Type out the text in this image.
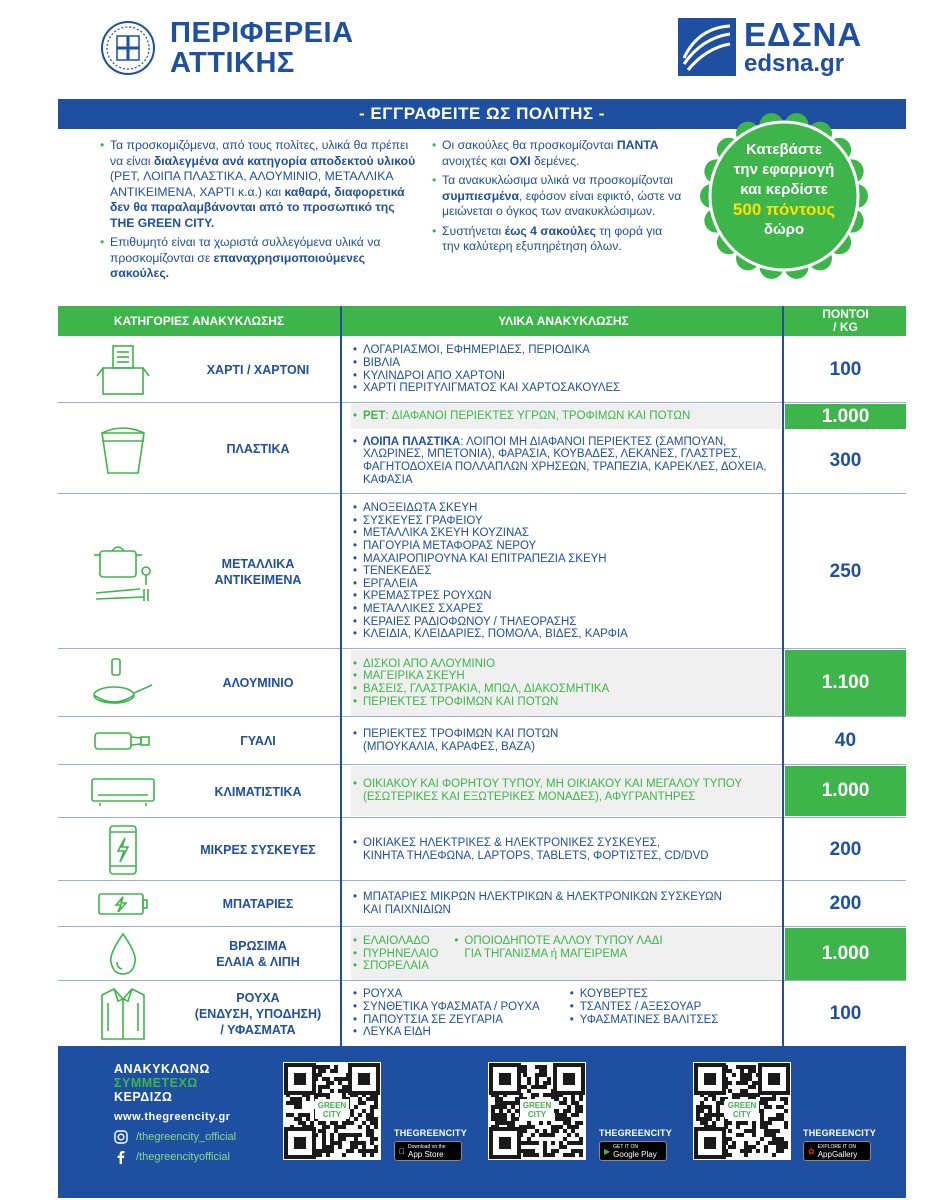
ΠΕΡΙΦΕΡΕΙΑ
ΑΤΤΙΚΗΣ
ΕΔΣΝΑ
edsna.gr
- ΕΓΓΡΑΦΕΙΤΕ ΩΣ ΠΟΛΙΤΗΣ -

• Τα προσκομιζόμενα, από τους πολίτες, υλικά θα πρέπει να είναι διαλεγμένα ανά κατηγορία αποδεκτού υλικού (PET, ΛΟΙΠΑ ΠΛΑΣΤΙΚΑ, ΑΛΟΥΜΙΝΙΟ, ΜΕΤΑΛΛΙΚΑ ΑΝΤΙΚΕΙΜΕΝΑ, ΧΑΡΤΙ κ.α.) και καθαρά, διαφορετικά δεν θα παραλαμβάνονται από το προσωπικό της THE GREEN CITY.

• Επιθυμητό είναι τα χωριστά συλλεγόμενα υλικά να προσκομίζονται σε επαναχρησιμοποιούμενες σακούλες.

• Οι σακούλες θα προσκομίζονται ΠΑΝΤΑ ανοιχτές και ΟΧΙ δεμένες.

• Τα ανακυκλώσιμα υλικά να προσκομίζονται συμπιεσμένα, εφόσον είναι εφικτό, ώστε να μειώνεται ο όγκος των ανακυκλώσιμων.

• Συστήνεται έως 4 σακούλες τη φορά για την καλύτερη εξυπηρέτηση όλων.

Κατεβάστε
την εφαρμογή
και κερδίστε
500 πόντους
δώρο
ΚΑΤΗΓΟΡΙΕΣ ΑΝΑΚΥΚΛΩΣΗΣ	ΥΛΙΚΑ ΑΝΑΚΥΚΛΩΣΗΣ	ΠΟΝΤΟΙ
/ KG
ΧΑΡΤΙ / ΧΑΡΤΟΝΙ
• ΛΟΓΑΡΙΑΣΜΟΙ, ΕΦΗΜΕΡΙΔΕΣ, ΠΕΡΙΟΔΙΚΑ
• ΒΙΒΛΙΑ
• ΚΥΛΙΝΔΡΟΙ ΑΠΟ ΧΑΡΤΟΝΙ
• ΧΑΡΤΙ ΠΕΡΙΤΥΛΙΓΜΑΤΟΣ ΚΑΙ ΧΑΡΤΟΣΑΚΟΥΛΕΣ
100
ΠΛΑΣΤΙΚΑ
• PET: ΔΙΑΦΑΝΟΙ ΠΕΡΙΕΚΤΕΣ ΥΓΡΩΝ, ΤΡΟΦΙΜΩΝ ΚΑΙ ΠΟΤΩΝ	1.000
• ΛΟΙΠΑ ΠΛΑΣΤΙΚΑ: ΛΟΙΠΟΙ ΜΗ ΔΙΑΦΑΝΟΙ ΠΕΡΙΕΚΤΕΣ (ΣΑΜΠΟΥΑΝ, ΧΛΩΡΙΝΕΣ, ΜΠΕΤΟΝΙΑ), ΦΑΡΑΣΙΑ, ΚΟΥΒΑΔΕΣ, ΛΕΚΑΝΕΣ, ΓΛΑΣΤΡΕΣ, ΦΑΓΗΤΟΔΟΧΕΙΑ ΠΟΛΛΑΠΛΩΝ ΧΡΗΣΕΩΝ, ΤΡΑΠΕΖΙΑ, ΚΑΡΕΚΛΕΣ, ΔΟΧΕΙΑ, ΚΑΦΑΣΙΑ
300
ΜΕΤΑΛΛΙΚΑ
ΑΝΤΙΚΕΙΜΕΝΑ
• ΑΝΟΞΕΙΔΩΤΑ ΣΚΕΥΗ
• ΣΥΣΚΕΥΕΣ ΓΡΑΦΕΙΟΥ
• ΜΕΤΑΛΛΙΚΑ ΣΚΕΥΗ ΚΟΥΖΙΝΑΣ
• ΠΑΓΟΥΡΙΑ ΜΕΤΑΦΟΡΑΣ ΝΕΡΟΥ
• ΜΑΧΑΙΡΟΠΙΡΟΥΝΑ ΚΑΙ ΕΠΙΤΡΑΠΕΖΙΑ ΣΚΕΥΗ
• ΤΕΝΕΚΕΔΕΣ
• ΕΡΓΑΛΕΙΑ
• ΚΡΕΜΑΣΤΡΕΣ ΡΟΥΧΩΝ
• ΜΕΤΑΛΛΙΚΕΣ ΣΧΑΡΕΣ
• ΚΕΡΑΙΕΣ ΡΑΔΙΟΦΩΝΟΥ / ΤΗΛΕΟΡΑΣΗΣ
• ΚΛΕΙΔΙΑ, ΚΛΕΙΔΑΡΙΕΣ, ΠΟΜΟΛΑ, ΒΙΔΕΣ, ΚΑΡΦΙΑ
250
ΑΛΟΥΜΙΝΙΟ
• ΔΙΣΚΟΙ ΑΠΟ ΑΛΟΥΜΙΝΙΟ
• ΜΑΓΕΙΡΙΚΑ ΣΚΕΥΗ
• ΒΑΣΕΙΣ, ΓΛΑΣΤΡΑΚΙΑ, ΜΠΩΛ, ΔΙΑΚΟΣΜΗΤΙΚΑ
• ΠΕΡΙΕΚΤΕΣ ΤΡΟΦΙΜΩΝ ΚΑΙ ΠΟΤΩΝ
1.100
ΓΥΑΛΙ	• ΠΕΡΙΕΚΤΕΣ ΤΡΟΦΙΜΩΝ ΚΑΙ ΠΟΤΩΝ
(ΜΠΟΥΚΑΛΙΑ, ΚΑΡΑΦΕΣ, ΒΑΖΑ)	40
ΚΛΙΜΑΤΙΣΤΙΚΑ
• ΟΙΚΙΑΚΟΥ ΚΑΙ ΦΟΡΗΤΟΥ ΤΥΠΟΥ, ΜΗ ΟΙΚΙΑΚΟΥ ΚΑΙ ΜΕΓΑΛΟΥ ΤΥΠΟΥ
(ΕΣΩΤΕΡΙΚΕΣ ΚΑΙ ΕΞΩΤΕΡΙΚΕΣ ΜΟΝΑΔΕΣ), ΑΦΥΓΡΑΝΤΗΡΕΣ	1.000
ΜΙΚΡΕΣ ΣΥΣΚΕΥΕΣ	• ΟΙΚΙΑΚΕΣ ΗΛΕΚΤΡΙΚΕΣ & ΗΛΕΚΤΡΟΝΙΚΕΣ ΣΥΣΚΕΥΕΣ,
ΚΙΝΗΤΑ ΤΗΛΕΦΩΝΑ, LAPTOPS, TABLETS, ΦΟΡΤΙΣΤΕΣ, CD/DVD	200
ΜΠΑΤΑΡΙΕΣ	• ΜΠΑΤΑΡΙΕΣ ΜΙΚΡΩΝ ΗΛΕΚΤΡΙΚΩΝ & ΗΛΕΚΤΡΟΝΙΚΩΝ ΣΥΣΚΕΥΩΝ
ΚΑΙ ΠΑΙΧΝΙΔΙΩΝ	200
ΒΡΩΣΙΜΑ
ΕΛΑΙΑ & ΛΙΠΗ
• ΕΛΑΙΟΛΑΔΟ
• ΠΥΡΗΝΕΛΑΙΟ
• ΣΠΟΡΕΛΑΙΑ
• ΟΠΟΙΟΔΗΠΟΤΕ ΑΛΛΟΥ ΤΥΠΟΥ ΛΑΔΙ
ΓΙΑ ΤΗΓΑΝΙΣΜΑ ή ΜΑΓΕΙΡΕΜΑ	1.000
ΡΟΥΧΑ
(ΕΝΔΥΣΗ, ΥΠΟΔΗΣΗ)
/ ΥΦΑΣΜΑΤΑ
• ΡΟΥΧΑ
• ΣΥΝΘΕΤΙΚΑ ΥΦΑΣΜΑΤΑ / ΡΟΥΧΑ
• ΠΑΠΟΥΤΣΙΑ ΣΕ ΖΕΥΓΑΡΙΑ
• ΛΕΥΚΑ ΕΙΔΗ
• ΚΟΥΒΕΡΤΕΣ
• ΤΣΑΝΤΕΣ / ΑΞΕΣΟΥΑΡ
• ΥΦΑΣΜΑΤΙΝΕΣ ΒΑΛΙΤΣΕΣ	100
ΑΝΑΚΥΚΛΩΝΩ
ΣΥΜΜΕΤΕΧΩ
ΚΕΡΔΙΖΩ
www.thegreencity.gr
/thegreencity_official
/thegreencityofficial
GREEN
CITY
THEGREENCITY
Download on the
App Store
GREEN
CITY
THEGREENCITY
▶ GET IT ON
Google Play
GREEN
CITY
THEGREENCITY
✿ EXPLORE IT ON
AppGallery
